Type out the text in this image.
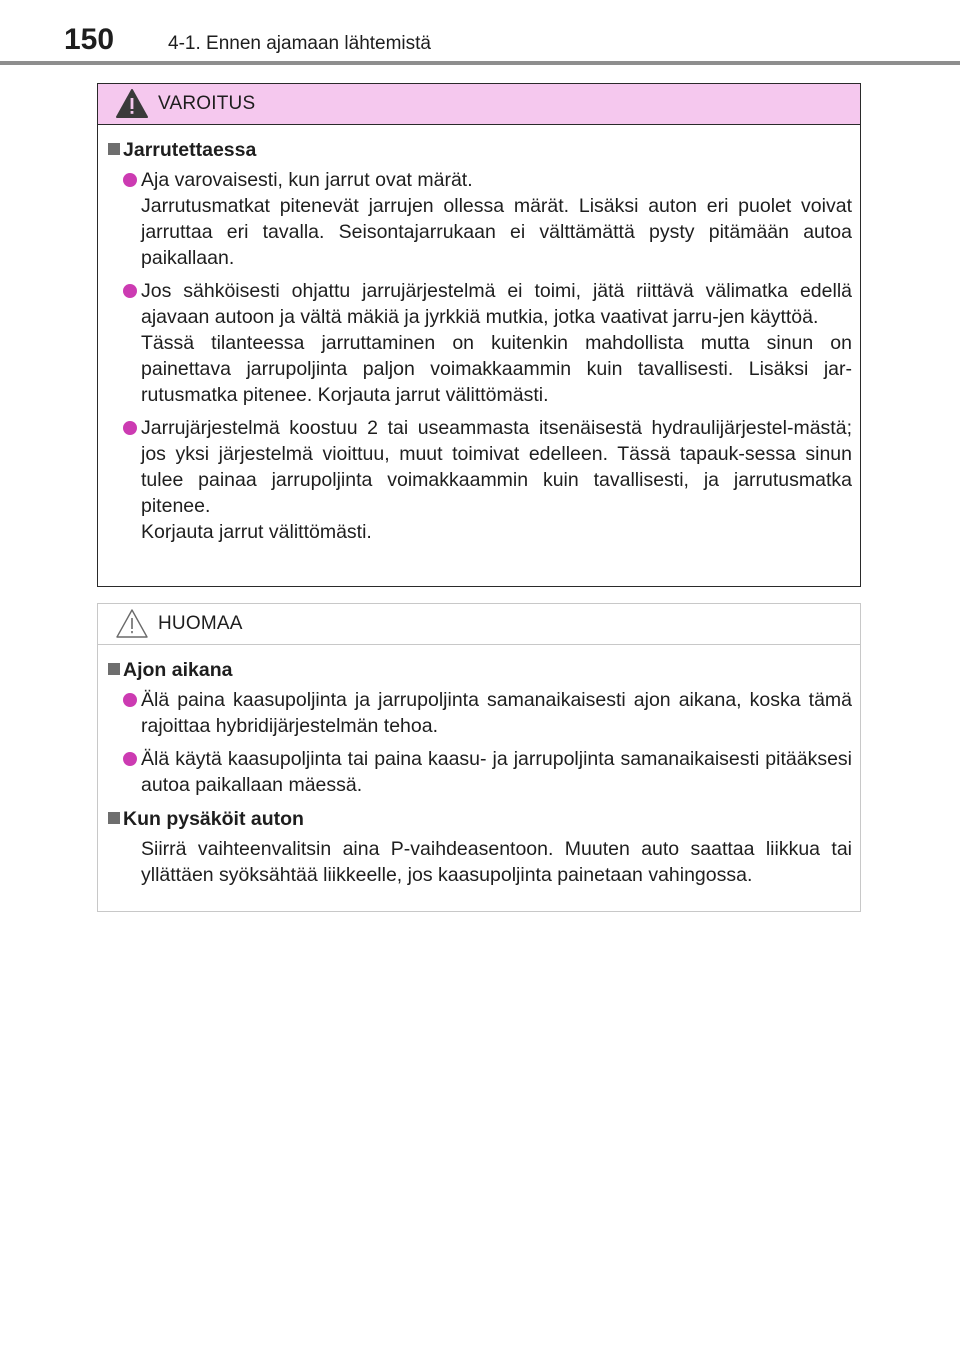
150	4-1. Ennen ajamaan lähtemistä
VAROITUS
Jarrutettaessa
Aja varovaisesti, kun jarrut ovat märät.
Jarrutusmatkat pitenevät jarrujen ollessa märät. Lisäksi auton eri puolet voivat jarruttaa eri tavalla. Seisontajarrukaan ei välttämättä pysty pitämään autoa paikallaan.
Jos sähköisesti ohjattu jarrujärjestelmä ei toimi, jätä riittävä välimatka edellä ajavaan autoon ja vältä mäkiä ja jyrkkiä mutkia, jotka vaativat jarru-jen käyttöä.
Tässä tilanteessa jarruttaminen on kuitenkin mahdollista mutta sinun on painettava jarrupoljinta paljon voimakkaammin kuin tavallisesti. Lisäksi jar-rutusmatka pitenee. Korjauta jarrut välittömästi.
Jarrujärjestelmä koostuu 2 tai useammasta itsenäisestä hydraulijärjestel-mästä; jos yksi järjestelmä vioittuu, muut toimivat edelleen. Tässä tapauk-sessa sinun tulee painaa jarrupoljinta voimakkaammin kuin tavallisesti, ja jarrutusmatka pitenee.
Korjauta jarrut välittömästi.
HUOMAA
Ajon aikana
Älä paina kaasupoljinta ja jarrupoljinta samanaikaisesti ajon aikana, koska tämä rajoittaa hybridijärjestelmän tehoa.
Älä käytä kaasupoljinta tai paina kaasu- ja jarrupoljinta samanaikaisesti pitääksesi autoa paikallaan mäessä.
Kun pysäköit auton
Siirrä vaihteenvalitsin aina P-vaihdeasentoon. Muuten auto saattaa liikkua tai yllättäen syöksähtää liikkeelle, jos kaasupoljinta painetaan vahingossa.
